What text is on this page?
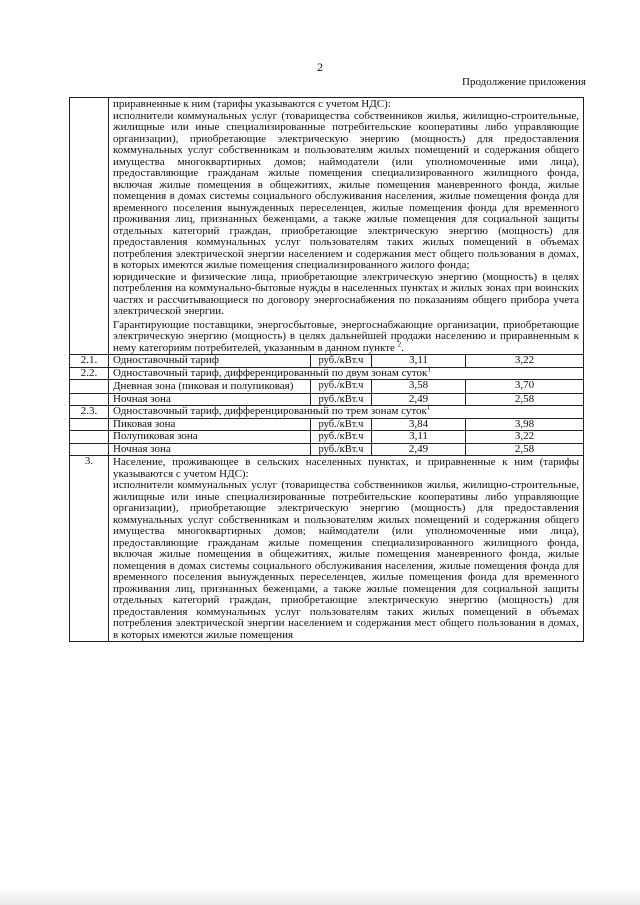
2
Продолжение приложения

	приравненные к ним (тарифы указываются с учетом НДС):

исполнители коммунальных услуг (товарищества собственников жилья, жилищно-строительные, жилищные или иные специализированные потребительские кооперативы либо управляющие организации), приобретающие электрическую энергию (мощность) для предоставления коммунальных услуг собственникам и пользователям жилых помещений и содержания общего имущества многоквартирных домов; наймодатели (или уполномоченные ими лица), предоставляющие гражданам жилые помещения специализированного жилищного фонда, включая жилые помещения в общежитиях, жилые помещения маневренного фонда, жилые помещения в домах системы социального обслуживания населения, жилые помещения фонда для временного поселения вынужденных переселенцев, жилые помещения фонда для временного проживания лиц, признанных беженцами, а также жилые помещения для социальной защиты отдельных категорий граждан, приобретающие электрическую энергию (мощность) для предоставления коммунальных услуг пользователям таких жилых помещений в объемах потребления электрической энергии населением и содержания мест общего пользования в домах, в которых имеются жилые помещения специализированного жилого фонда;

юридические и физические лица, приобретающие электрическую энергию (мощность) в целях потребления на коммунально-бытовые нужды в населенных пунктах и жилых зонах при воинских частях и рассчитывающиеся по договору энергоснабжения по показаниям общего прибора учета электрической энергии.

Гарантирующие поставщики, энергосбытовые, энергоснабжающие организации, приобретающие электрическую энергию (мощность) в целях дальнейшей продажи населению и приравненным к нему категориям потребителей, указанным в данном пункте $^2$.			

2.1.	Одноставочный тариф	руб./кВт.ч	3,11	3,22
2.2.	Одноставочный тариф, дифференцированный по двум зонам суток$^1$
	Дневная зона (пиковая и полупиковая)	руб./кВт.ч	3,58	3,70
	Ночная зона	руб./кВт.ч	2,49	2,58
2.3.	Одноставочный тариф, дифференцированный по трем зонам суток$^1$
	Пиковая зона	руб./кВт.ч	3,84	3,98
	Полупиковая зона	руб./кВт.ч	3,11	3,22
	Ночная зона	руб./кВт.ч	2,49	2,58
3.	Население, проживающее в сельских населенных пунктах, и приравненные к ним (тарифы указываются с учетом НДС):

исполнители коммунальных услуг (товарищества собственников жилья, жилищно-строительные, жилищные или иные специализированные потребительские кооперативы либо управляющие организации), приобретающие электрическую энергию (мощность) для предоставления коммунальных услуг собственникам и пользователям жилых помещений и содержания общего имущества многоквартирных домов; наймодатели (или уполномоченные ими лица), предоставляющие гражданам жилые помещения специализированного жилищного фонда, включая жилые помещения в общежитиях, жилые помещения маневренного фонда, жилые помещения в домах системы социального обслуживания населения, жилые помещения фонда для временного поселения вынужденных переселенцев, жилые помещения фонда для временного проживания лиц, признанных беженцами, а также жилые помещения для социальной защиты отдельных категорий граждан, приобретающие электрическую энергию (мощность) для предоставления коммунальных услуг пользователям таких жилых помещений в объемах потребления электрической энергии населением и содержания мест общего пользования в домах, в которых имеются жилые помещения			
